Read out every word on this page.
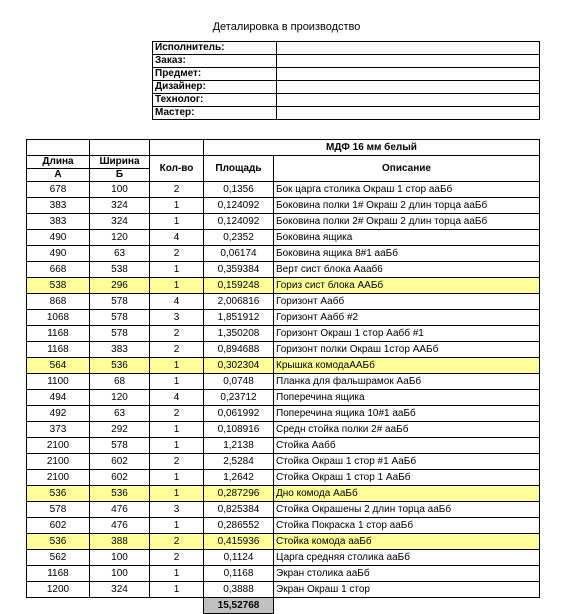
Деталировка в производство
Исполнитель:	
Заказ:	
Предмет:	
Дизайнер:	
Технолог:	
Мастер:	

			МДФ 16 мм белый	
Длина	Ширина	Кол-во	Площадь	Описание
А	Б			
678	100	2	0,1356	Бок царга столика Окраш 1 стор ааБб
383	324	1	0,124092	Боковина полки 1# Окраш 2 длин торца ааБб
383	324	1	0,124092	Боковина полки 2# Окраш 2 длин торца ааБб
490	120	4	0,2352	Боковина ящика
490	63	2	0,06174	Боковина ящика 8#1 ааБб
668	538	1	0,359384	Верт сист блока Аааб6
538	296	1	0,159248	Гориз сист блока ААБб
868	578	4	2,006816	Горизонт Аабб
1068	578	3	1,851912	Горизонт Аабб #2
1168	578	2	1,350208	Горизонт Окраш 1 стор Аабб #1
1168	383	2	0,894688	Горизонт полки Окраш 1стор ААБб
564	536	1	0,302304	Крышка комодаААБб
1100	68	1	0,0748	Планка для фальшрамок АаБб
494	120	4	0,23712	Поперечина ящика
492	63	2	0,061992	Поперечина ящика 10#1 ааБб
373	292	1	0,108916	Средн стойка полки 2# ааБб
2100	578	1	1,2138	Стойка Аабб
2100	602	2	2,5284	Стойка Окраш 1 стор #1 АаБб
2100	602	1	1,2642	Стойка Окраш 1 стор 1 АаБб
536	536	1	0,287296	Дно комода АаБб
578	476	3	0,825384	Стойка Окрашены 2 длин торца ааБб
602	476	1	0,286552	Стойка Покраска 1 стор ааБб
536	388	2	0,415936	Стойка комода ааБб
562	100	2	0,1124	Царга средняя столика ааБб
1168	100	1	0,1168	Экран столика ааБб
1200	324	1	0,3888	Экран Окраш 1 стор
			15,52768	
